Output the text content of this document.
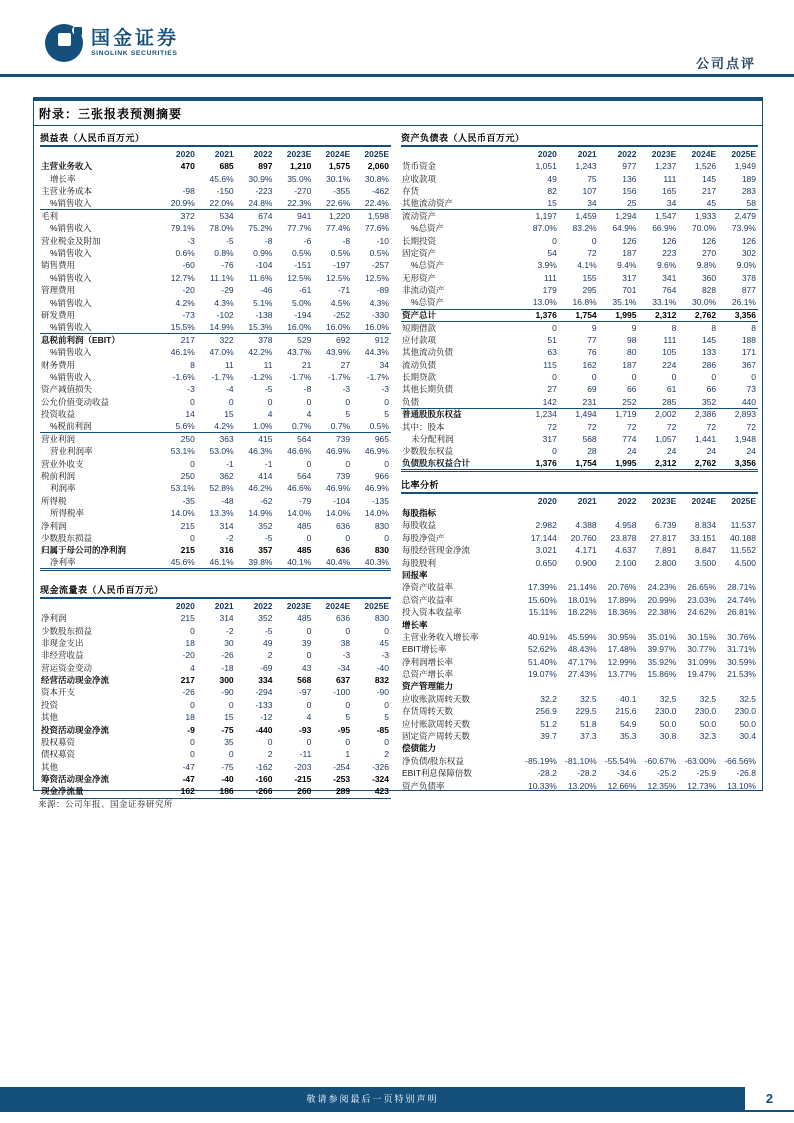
国金证券
SINOLINK SECURITIES
公司点评
附录：三张报表预测摘要
损益表（人民币百万元）
	2020	2021	2022	2023E	2024E	2025E
主营业务收入	470	685	897	1,210	1,575	2,060
增长率		45.6%	30.9%	35.0%	30.1%	30.8%
主营业务成本	-98	-150	-223	-270	-355	-462
%销售收入	20.9%	22.0%	24.8%	22.3%	22.6%	22.4%
毛利	372	534	674	941	1,220	1,598
%销售收入	79.1%	78.0%	75.2%	77.7%	77.4%	77.6%
营业税金及附加	-3	-5	-8	-6	-8	-10
%销售收入	0.6%	0.8%	0.9%	0.5%	0.5%	0.5%
销售费用	-60	-76	-104	-151	-197	-257
%销售收入	12.7%	11.1%	11.6%	12.5%	12.5%	12.5%
管理费用	-20	-29	-46	-61	-71	-89
%销售收入	4.2%	4.3%	5.1%	5.0%	4.5%	4.3%
研发费用	-73	-102	-138	-194	-252	-330
%销售收入	15.5%	14.9%	15.3%	16.0%	16.0%	16.0%
息税前利润（EBIT）	217	322	378	529	692	912
%销售收入	46.1%	47.0%	42.2%	43.7%	43.9%	44.3%
财务费用	8	11	11	21	27	34
%销售收入	-1.6%	-1.7%	-1.2%	-1.7%	-1.7%	-1.7%
资产减值损失	-3	-4	-5	-8	-3	-3
公允价值变动收益	0	0	0	0	0	0
投资收益	14	15	4	4	5	5
%税前利润	5.6%	4.2%	1.0%	0.7%	0.7%	0.5%
营业利润	250	363	415	564	739	965
营业利润率	53.1%	53.0%	46.3%	46.6%	46.9%	46.9%
营业外收支	0	-1	-1	0	0	0
税前利润	250	362	414	564	739	966
利润率	53.1%	52.8%	46.2%	46.6%	46.9%	46.9%
所得税	-35	-48	-62	-79	-104	-135
所得税率	14.0%	13.3%	14.9%	14.0%	14.0%	14.0%
净利润	215	314	352	485	636	830
少数股东损益	0	-2	-5	0	0	0
归属于母公司的净利润	215	316	357	485	636	830
净利率	45.6%	46.1%	39.8%	40.1%	40.4%	40.3%
现金流量表（人民币百万元）
	2020	2021	2022	2023E	2024E	2025E
净利润	215	314	352	485	636	830
少数股东损益	0	-2	-5	0	0	0
非现金支出	18	30	49	39	38	45
非经营收益	-20	-26	2	0	-3	-3
营运资金变动	4	-18	-69	43	-34	-40
经营活动现金净流	217	300	334	568	637	832
资本开支	-26	-90	-294	-97	-100	-90
投资	0	0	-133	0	0	0
其他	18	15	-12	4	5	5
投资活动现金净流	-9	-75	-440	-93	-95	-85
股权募资	0	35	0	0	0	0
债权募资	0	0	2	-11	1	2
其他	-47	-75	-162	-203	-254	-326
筹资活动现金净流	-47	-40	-160	-215	-253	-324
现金净流量	162	186	-266	260	289	423
资产负债表（人民币百万元）
	2020	2021	2022	2023E	2024E	2025E
货币资金	1,051	1,243	977	1,237	1,526	1,949
应收款项	49	75	136	111	145	189
存货	82	107	156	165	217	283
其他流动资产	15	34	25	34	45	58
流动资产	1,197	1,459	1,294	1,547	1,933	2,479
%总资产	87.0%	83.2%	64.9%	66.9%	70.0%	73.9%
长期投资	0	0	126	126	126	126
固定资产	54	72	187	223	270	302
%总资产	3.9%	4.1%	9.4%	9.6%	9.8%	9.0%
无形资产	111	155	317	341	360	378
非流动资产	179	295	701	764	828	877
%总资产	13.0%	16.8%	35.1%	33.1%	30.0%	26.1%
资产总计	1,376	1,754	1,995	2,312	2,762	3,356
短期借款	0	9	9	8	8	8
应付款项	51	77	98	111	145	188
其他流动负债	63	76	80	105	133	171
流动负债	115	162	187	224	286	367
长期贷款	0	0	0	0	0	0
其他长期负债	27	69	66	61	66	73
负债	142	231	252	285	352	440
普通股股东权益	1,234	1,494	1,719	2,002	2,386	2,893
其中：股本	72	72	72	72	72	72
未分配利润	317	568	774	1,057	1,441	1,948
少数股东权益	0	28	24	24	24	24
负债股东权益合计	1,376	1,754	1,995	2,312	2,762	3,356
比率分析
	2020	2021	2022	2023E	2024E	2025E
每股指标						
每股收益	2.982	4.388	4.958	6.739	8.834	11.537
每股净资产	17.144	20.760	23.878	27.817	33.151	40.188
每股经营现金净流	3.021	4.171	4.637	7.891	8.847	11.552
每股股利	0.650	0.900	2.100	2.800	3.500	4.500
回报率						
净资产收益率	17.39%	21.14%	20.76%	24.23%	26.65%	28.71%
总资产收益率	15.60%	18.01%	17.89%	20.99%	23.03%	24.74%
投入资本收益率	15.11%	18.22%	18.36%	22.38%	24.62%	26.81%
增长率						
主营业务收入增长率	40.91%	45.59%	30.95%	35.01%	30.15%	30.76%
EBIT增长率	52.62%	48.43%	17.48%	39.97%	30.77%	31.71%
净利润增长率	51.40%	47.17%	12.99%	35.92%	31.09%	30.59%
总资产增长率	19.07%	27.43%	13.77%	15.86%	19.47%	21.53%
资产管理能力						
应收账款周转天数	32.2	32.5	40.1	32.5	32.5	32.5
存货周转天数	256.9	229.5	215.6	230.0	230.0	230.0
应付账款周转天数	51.2	51.8	54.9	50.0	50.0	50.0
固定资产周转天数	39.7	37.3	35.3	30.8	32.3	30.4
偿债能力						
净负债/股东权益	-85.19%	-81.10%	-55.54%	-60.67%	-63.00%	-66.56%
EBIT利息保障倍数	-28.2	-28.2	-34.6	-25.2	-25.9	-26.8
资产负债率	10.33%	13.20%	12.66%	12.35%	12.73%	13.10%
来源：公司年报、国金证券研究所
敬请参阅最后一页特别声明	2
